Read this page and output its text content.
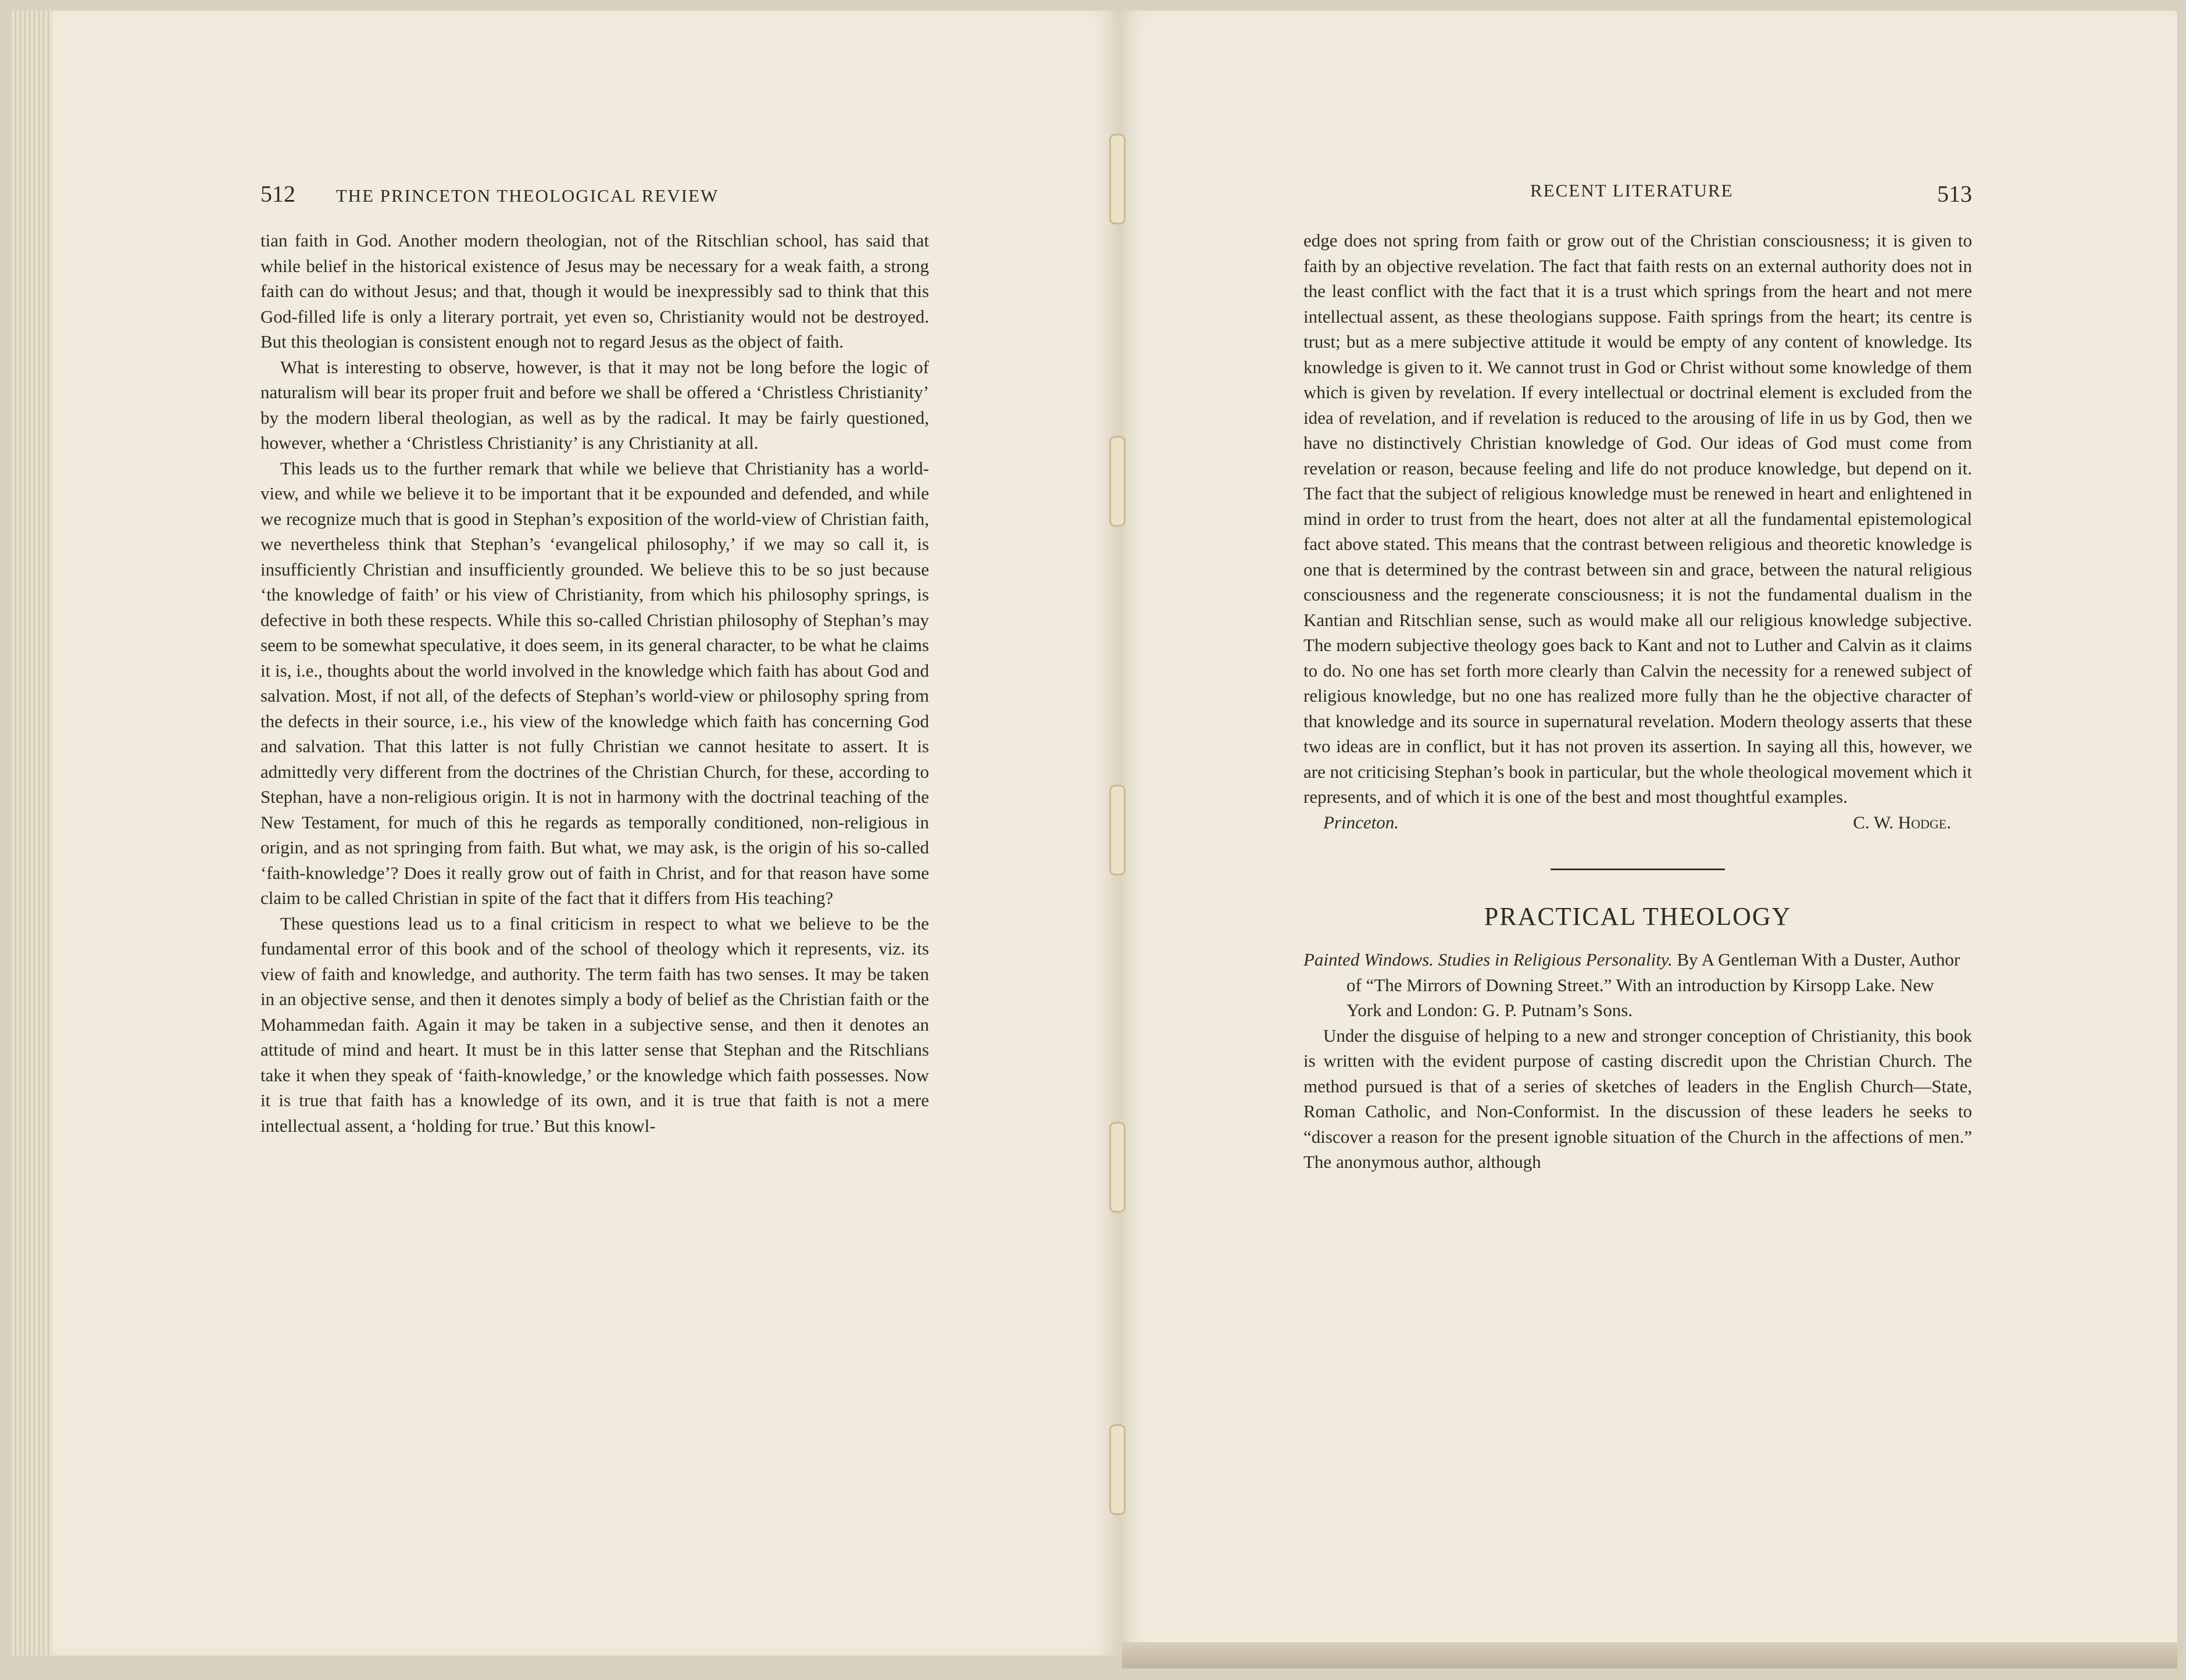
512 THE PRINCETON THEOLOGICAL REVIEW	RECENT LITERATURE	513

tian faith in God. Another modern theologian, not of the Ritschlian school, has said that while belief in the historical existence of Jesus may be necessary for a weak faith, a strong faith can do without Jesus; and that, though it would be inexpressibly sad to think that this God-filled life is only a literary portrait, yet even so, Christianity would not be destroyed. But this theologian is consistent enough not to regard Jesus as the object of faith.

What is interesting to observe, however, is that it may not be long before the logic of naturalism will bear its proper fruit and before we shall be offered a ‘Christless Christianity’ by the modern liberal theologian, as well as by the radical. It may be fairly questioned, however, whether a ‘Christless Christianity’ is any Christianity at all.

This leads us to the further remark that while we believe that Christianity has a world-view, and while we believe it to be important that it be expounded and defended, and while we recognize much that is good in Stephan’s exposition of the world-view of Christian faith, we nevertheless think that Stephan’s ‘evangelical philosophy,’ if we may so call it, is insufficiently Christian and insufficiently grounded. We believe this to be so just because ‘the knowledge of faith’ or his view of Christianity, from which his philosophy springs, is defective in both these respects. While this so-called Christian philosophy of Stephan’s may seem to be somewhat speculative, it does seem, in its general character, to be what he claims it is, i.e., thoughts about the world involved in the knowledge which faith has about God and salvation. Most, if not all, of the defects of Stephan’s world-view or philosophy spring from the defects in their source, i.e., his view of the knowledge which faith has concerning God and salvation. That this latter is not fully Christian we cannot hesitate to assert. It is admittedly very different from the doctrines of the Christian Church, for these, according to Stephan, have a non-religious origin. It is not in harmony with the doctrinal teaching of the New Testament, for much of this he regards as temporally conditioned, non-religious in origin, and as not springing from faith. But what, we may ask, is the origin of his so-called ‘faith-knowledge’? Does it really grow out of faith in Christ, and for that reason have some claim to be called Christian in spite of the fact that it differs from His teaching?

These questions lead us to a final criticism in respect to what we believe to be the fundamental error of this book and of the school of theology which it represents, viz. its view of faith and knowledge, and authority. The term faith has two senses. It may be taken in an objective sense, and then it denotes simply a body of belief as the Christian faith or the Mohammedan faith. Again it may be taken in a subjective sense, and then it denotes an attitude of mind and heart. It must be in this latter sense that Stephan and the Ritschlians take it when they speak of ‘faith-knowledge,’ or the knowledge which faith possesses. Now it is true that faith has a knowledge of its own, and it is true that faith is not a mere intellectual assent, a ‘holding for true.’ But this knowl-

edge does not spring from faith or grow out of the Christian consciousness; it is given to faith by an objective revelation. The fact that faith rests on an external authority does not in the least conflict with the fact that it is a trust which springs from the heart and not mere intellectual assent, as these theologians suppose. Faith springs from the heart; its centre is trust; but as a mere subjective attitude it would be empty of any content of knowledge. Its knowledge is given to it. We cannot trust in God or Christ without some knowledge of them which is given by revelation. If every intellectual or doctrinal element is excluded from the idea of revelation, and if revelation is reduced to the arousing of life in us by God, then we have no distinctively Christian knowledge of God. Our ideas of God must come from revelation or reason, because feeling and life do not produce knowledge, but depend on it. The fact that the subject of religious knowledge must be renewed in heart and enlightened in mind in order to trust from the heart, does not alter at all the fundamental epistemological fact above stated. This means that the contrast between religious and theoretic knowledge is one that is determined by the contrast between sin and grace, between the natural religious consciousness and the regenerate consciousness; it is not the fundamental dualism in the Kantian and Ritschlian sense, such as would make all our religious knowledge subjective. The modern subjective theology goes back to Kant and not to Luther and Calvin as it claims to do. No one has set forth more clearly than Calvin the necessity for a renewed subject of religious knowledge, but no one has realized more fully than he the objective character of that knowledge and its source in supernatural revelation. Modern theology asserts that these two ideas are in conflict, but it has not proven its assertion. In saying all this, however, we are not criticising Stephan’s book in particular, but the whole theological movement which it represents, and of which it is one of the best and most thoughtful examples.

Princeton.	C. W. Hodge.
PRACTICAL THEOLOGY

Painted Windows. Studies in Religious Personality. By A Gentleman With a Duster, Author of “The Mirrors of Downing Street.” With an introduction by Kirsopp Lake. New York and London: G. P. Putnam’s Sons.

Under the disguise of helping to a new and stronger conception of Christianity, this book is written with the evident purpose of casting discredit upon the Christian Church. The method pursued is that of a series of sketches of leaders in the English Church—State, Roman Catholic, and Non-Conformist. In the discussion of these leaders he seeks to “discover a reason for the present ignoble situation of the Church in the affections of men.” The anonymous author, although
